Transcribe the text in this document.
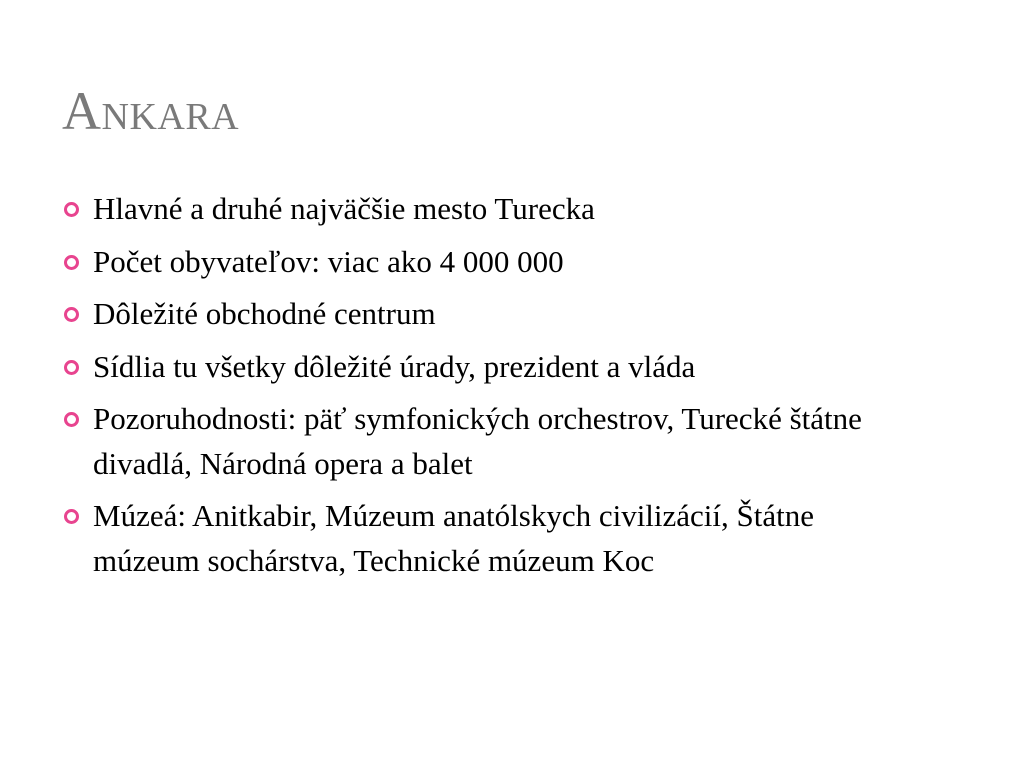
Ankara
Hlavné a druhé najväčšie mesto Turecka
Počet obyvateľov: viac ako 4 000 000
Dôležité obchodné centrum
Sídlia tu všetky dôležité úrady, prezident a vláda
Pozoruhodnosti: päť symfonických orchestrov, Turecké štátne divadlá, Národná opera a balet
Múzeá: Anitkabir, Múzeum anatólskych civilizácií, Štátne múzeum sochárstva, Technické múzeum Koc
